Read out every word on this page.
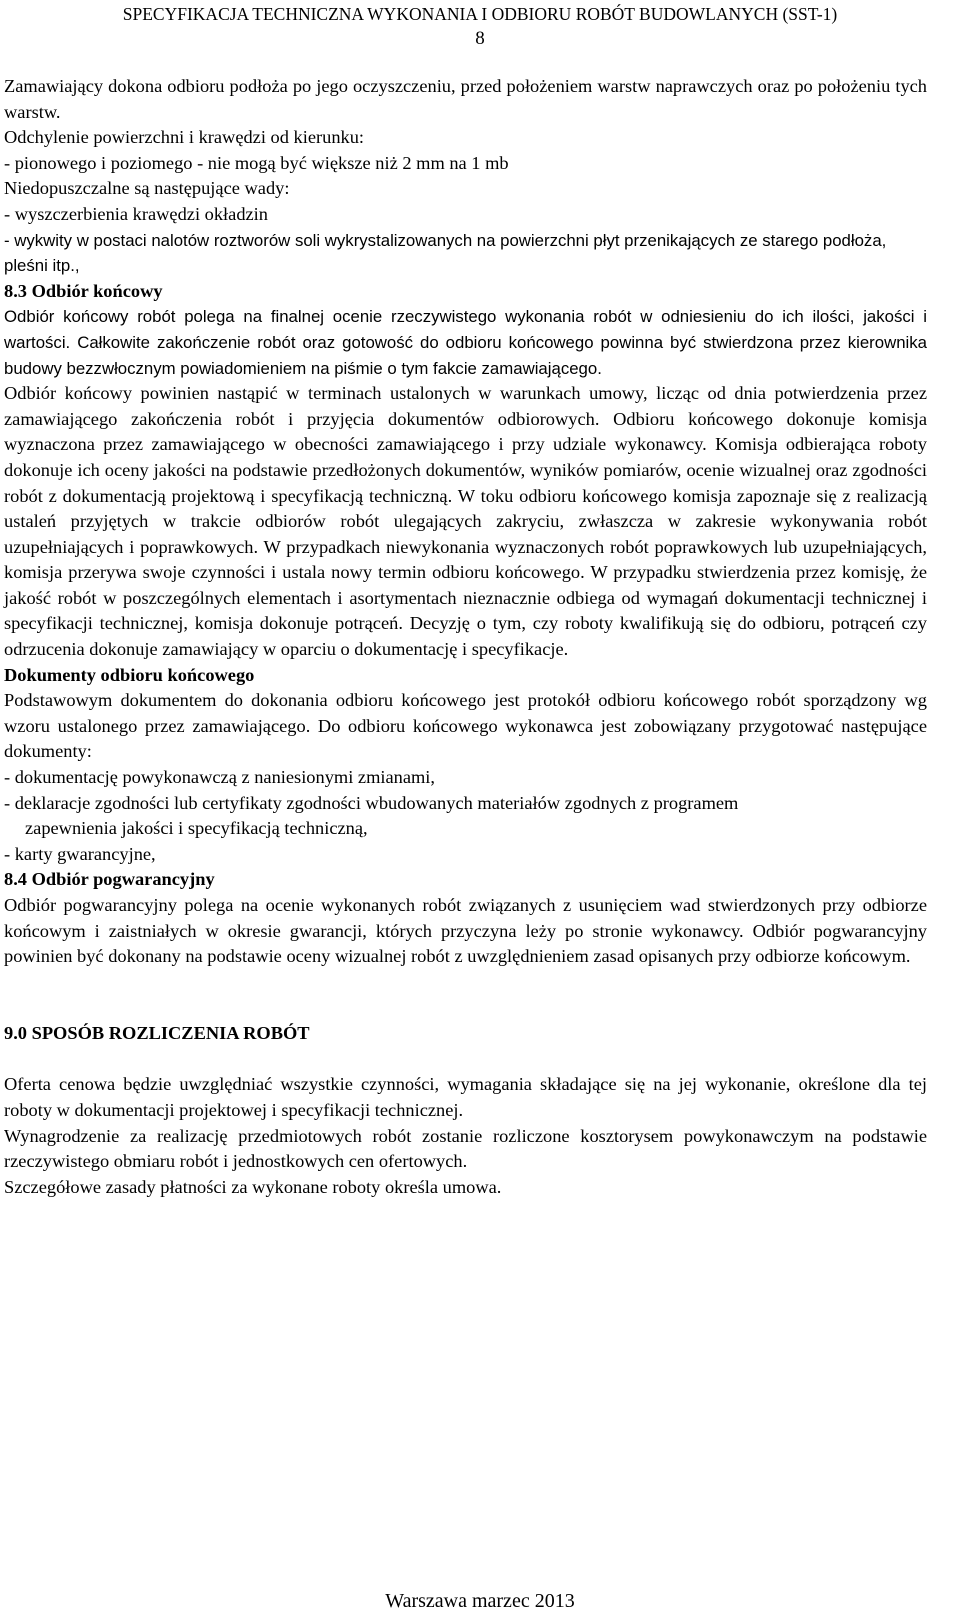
SPECYFIKACJA TECHNICZNA WYKONANIA I ODBIORU ROBÓT BUDOWLANYCH (SST-1)
8

Zamawiający dokona odbioru podłoża po jego oczyszczeniu, przed położeniem warstw naprawczych oraz po położeniu tych warstw.

Odchylenie powierzchni i krawędzi od kierunku:

- pionowego i poziomego - nie mogą być większe niż 2 mm na 1 mb

Niedopuszczalne są następujące wady:

- wyszczerbienia krawędzi okładzin

- wykwity w postaci nalotów roztworów soli wykrystalizowanych na powierzchni płyt przenikających ze starego podłoża, pleśni itp.,

8.3 Odbiór końcowy

Odbiór końcowy robót polega na finalnej ocenie rzeczywistego wykonania robót w odniesieniu do ich ilości, jakości i wartości. Całkowite zakończenie robót oraz gotowość do odbioru końcowego powinna być stwierdzona przez kierownika budowy bezzwłocznym powiadomieniem na piśmie o tym fakcie zamawiającego.

Odbiór końcowy powinien nastąpić w terminach ustalonych w warunkach umowy, licząc od dnia potwierdzenia przez zamawiającego zakończenia robót i przyjęcia dokumentów odbiorowych. Odbioru końcowego dokonuje komisja wyznaczona przez zamawiającego w obecności zamawiającego i przy udziale wykonawcy. Komisja odbierająca roboty dokonuje ich oceny jakości na podstawie przedłożonych dokumentów, wyników pomiarów, ocenie wizualnej oraz zgodności robót z dokumentacją projektową i specyfikacją techniczną. W toku odbioru końcowego komisja zapoznaje się z realizacją ustaleń przyjętych w trakcie odbiorów robót ulegających zakryciu, zwłaszcza w zakresie wykonywania robót uzupełniających i poprawkowych. W przypadkach niewykonania wyznaczonych robót poprawkowych lub uzupełniających, komisja przerywa swoje czynności i ustala nowy termin odbioru końcowego. W przypadku stwierdzenia przez komisję, że jakość robót w poszczególnych elementach i asortymentach nieznacznie odbiega od wymagań dokumentacji technicznej i specyfikacji technicznej, komisja dokonuje potrąceń. Decyzję o tym, czy roboty kwalifikują się do odbioru, potrąceń czy odrzucenia dokonuje zamawiający w oparciu o dokumentację i specyfikacje.

Dokumenty odbioru końcowego

Podstawowym dokumentem do dokonania odbioru końcowego jest protokół odbioru końcowego robót sporządzony wg wzoru ustalonego przez zamawiającego. Do odbioru końcowego wykonawca jest zobowiązany przygotować następujące dokumenty:

- dokumentację powykonawczą z naniesionymi zmianami,

- deklaracje zgodności lub certyfikaty zgodności wbudowanych materiałów zgodnych z programem

zapewnienia jakości i specyfikacją techniczną,

- karty gwarancyjne,

8.4 Odbiór pogwarancyjny

Odbiór pogwarancyjny polega na ocenie wykonanych robót związanych z usunięciem wad stwierdzonych przy odbiorze końcowym i zaistniałych w okresie gwarancji, których przyczyna leży po stronie wykonawcy. Odbiór pogwarancyjny powinien być dokonany na podstawie oceny wizualnej robót z uwzględnieniem zasad opisanych przy odbiorze końcowym.

9.0 SPOSÓB ROZLICZENIA ROBÓT

Oferta cenowa będzie uwzględniać wszystkie czynności, wymagania składające się na jej wykonanie, określone dla tej roboty w dokumentacji projektowej i specyfikacji technicznej.

Wynagrodzenie za realizację przedmiotowych robót zostanie rozliczone kosztorysem powykonawczym na podstawie rzeczywistego obmiaru robót i jednostkowych cen ofertowych.

Szczegółowe zasady płatności za wykonane roboty określa umowa.

Warszawa marzec 2013
